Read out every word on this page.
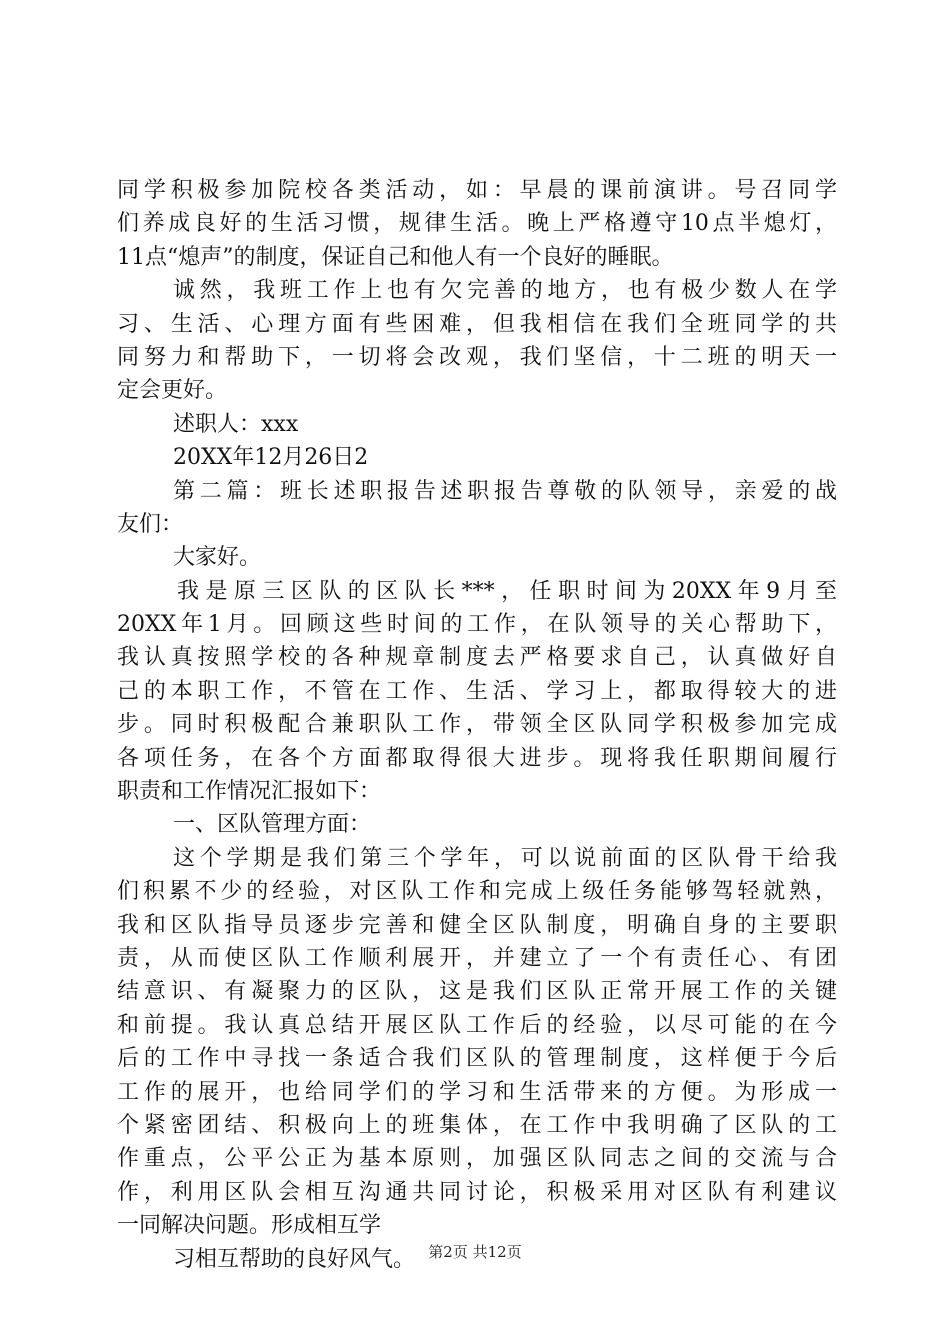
同学积极参加院校各类活动，如：早晨的课前演讲。号召同学
们养成良好的生活习惯，规律生活。晚上严格遵守10点半熄灯，
11点“熄声”的制度，保证自己和他人有一个良好的睡眠。
诚然，我班工作上也有欠完善的地方，也有极少数人在学
习、生活、心理方面有些困难，但我相信在我们全班同学的共
同努力和帮助下，一切将会改观，我们坚信，十二班的明天一
定会更好。
述职人：xxx
20XX年12月26日2
第二篇：班长述职报告述职报告尊敬的队领导，亲爱的战
友们：
大家好。
我是原三区队的区队长***，任职时间为20XX年9月至
20XX年1月。回顾这些时间的工作，在队领导的关心帮助下，
我认真按照学校的各种规章制度去严格要求自己，认真做好自
己的本职工作，不管在工作、生活、学习上，都取得较大的进
步。同时积极配合兼职队工作，带领全区队同学积极参加完成
各项任务，在各个方面都取得很大进步。现将我任职期间履行
职责和工作情况汇报如下：
一、区队管理方面：
这个学期是我们第三个学年，可以说前面的区队骨干给我
们积累不少的经验，对区队工作和完成上级任务能够驾轻就熟，
我和区队指导员逐步完善和健全区队制度，明确自身的主要职
责，从而使区队工作顺利展开，并建立了一个有责任心、有团
结意识、有凝聚力的区队，这是我们区队正常开展工作的关键
和前提。我认真总结开展区队工作后的经验，以尽可能的在今
后的工作中寻找一条适合我们区队的管理制度，这样便于今后
工作的展开，也给同学们的学习和生活带来的方便。为形成一
个紧密团结、积极向上的班集体，在工作中我明确了区队的工
作重点，公平公正为基本原则，加强区队同志之间的交流与合
作，利用区队会相互沟通共同讨论，积极采用对区队有利建议
一同解决问题。形成相互学
习相互帮助的良好风气。 第2页 共12页
